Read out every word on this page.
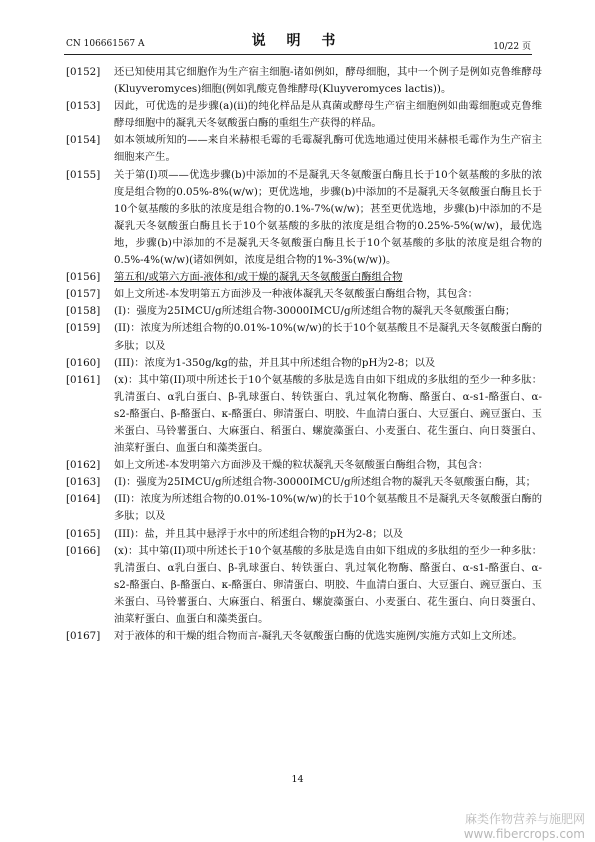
CN 106661567 A	说 明 书	10/22 页
[0152]	还已知使用其它细胞作为生产宿主细胞-诸如例如，酵母细胞，其中一个例子是例如克鲁维酵母(Kluyveromyces)细胞(例如乳酸克鲁维酵母(Kluyveromyces lactis))。
[0153]	因此，可优选的是步骤(a)(ii)的纯化样品是从真菌或酵母生产宿主细胞例如曲霉细胞或克鲁维酵母细胞中的凝乳天冬氨酸蛋白酶的重组生产获得的样品。
[0154]	如本领域所知的——来自米赫根毛霉的毛霉凝乳酶可优选地通过使用米赫根毛霉作为生产宿主细胞来产生。
[0155]	关于第(I)项——优选步骤(b)中添加的不是凝乳天冬氨酸蛋白酶且长于10个氨基酸的多肽的浓度是组合物的0.05%-8%(w/w)；更优选地，步骤(b)中添加的不是凝乳天冬氨酸蛋白酶且长于10个氨基酸的多肽的浓度是组合物的0.1%-7%(w/w)；甚至更优选地，步骤(b)中添加的不是凝乳天冬氨酸蛋白酶且长于10个氨基酸的多肽的浓度是组合物的0.25%-5%(w/w)，最优选地，步骤(b)中添加的不是凝乳天冬氨酸蛋白酶且长于10个氨基酸的多肽的浓度是组合物的0.5%-4%(w/w)(诸如例如，浓度是组合物的1%-3%(w/w))。
[0156]	第五和/或第六方面-液体和/或干燥的凝乳天冬氨酸蛋白酶组合物
[0157]	如上文所述-本发明第五方面涉及一种液体凝乳天冬氨酸蛋白酶组合物，其包含：
[0158]	(I)：强度为25IMCU/g所述组合物-30000IMCU/g所述组合物的凝乳天冬氨酸蛋白酶；
[0159]	(II)：浓度为所述组合物的0.01%-10%(w/w)的长于10个氨基酸且不是凝乳天冬氨酸蛋白酶的多肽；以及
[0160]	(III)：浓度为1-350g/kg的盐，并且其中所述组合物的pH为2-8；以及
[0161]	(x)：其中第(II)项中所述长于10个氨基酸的多肽是选自由如下组成的多肽组的至少一种多肽：乳清蛋白、α乳白蛋白、β-乳球蛋白、转铁蛋白、乳过氧化物酶、酪蛋白、α-s1-酪蛋白、α-s2-酪蛋白、β-酪蛋白、κ-酪蛋白、卵清蛋白、明胶、牛血清白蛋白、大豆蛋白、豌豆蛋白、玉米蛋白、马铃薯蛋白、大麻蛋白、稻蛋白、螺旋藻蛋白、小麦蛋白、花生蛋白、向日葵蛋白、油菜籽蛋白、血蛋白和藻类蛋白。
[0162]	如上文所述-本发明第六方面涉及干燥的粒状凝乳天冬氨酸蛋白酶组合物，其包含：
[0163]	(I)：强度为25IMCU/g所述组合物-30000IMCU/g所述组合物的凝乳天冬氨酸蛋白酶，其；
[0164]	(II)：浓度为所述组合物的0.01%-10%(w/w)的长于10个氨基酸且不是凝乳天冬氨酸蛋白酶的多肽；以及
[0165]	(III)：盐，并且其中悬浮于水中的所述组合物的pH为2-8；以及
[0166]	(x)：其中第(II)项中所述长于10个氨基酸的多肽是选自由如下组成的多肽组的至少一种多肽：乳清蛋白、α乳白蛋白、β-乳球蛋白、转铁蛋白、乳过氧化物酶、酪蛋白、α-s1-酪蛋白、α-s2-酪蛋白、β-酪蛋白、κ-酪蛋白、卵清蛋白、明胶、牛血清白蛋白、大豆蛋白、豌豆蛋白、玉米蛋白、马铃薯蛋白、大麻蛋白、稻蛋白、螺旋藻蛋白、小麦蛋白、花生蛋白、向日葵蛋白、油菜籽蛋白、血蛋白和藻类蛋白。
[0167]	对于液体的和干燥的组合物而言-凝乳天冬氨酸蛋白酶的优选实施例/实施方式如上文所述。
14
麻类作物营养与施肥网
www.fibercrops.com
